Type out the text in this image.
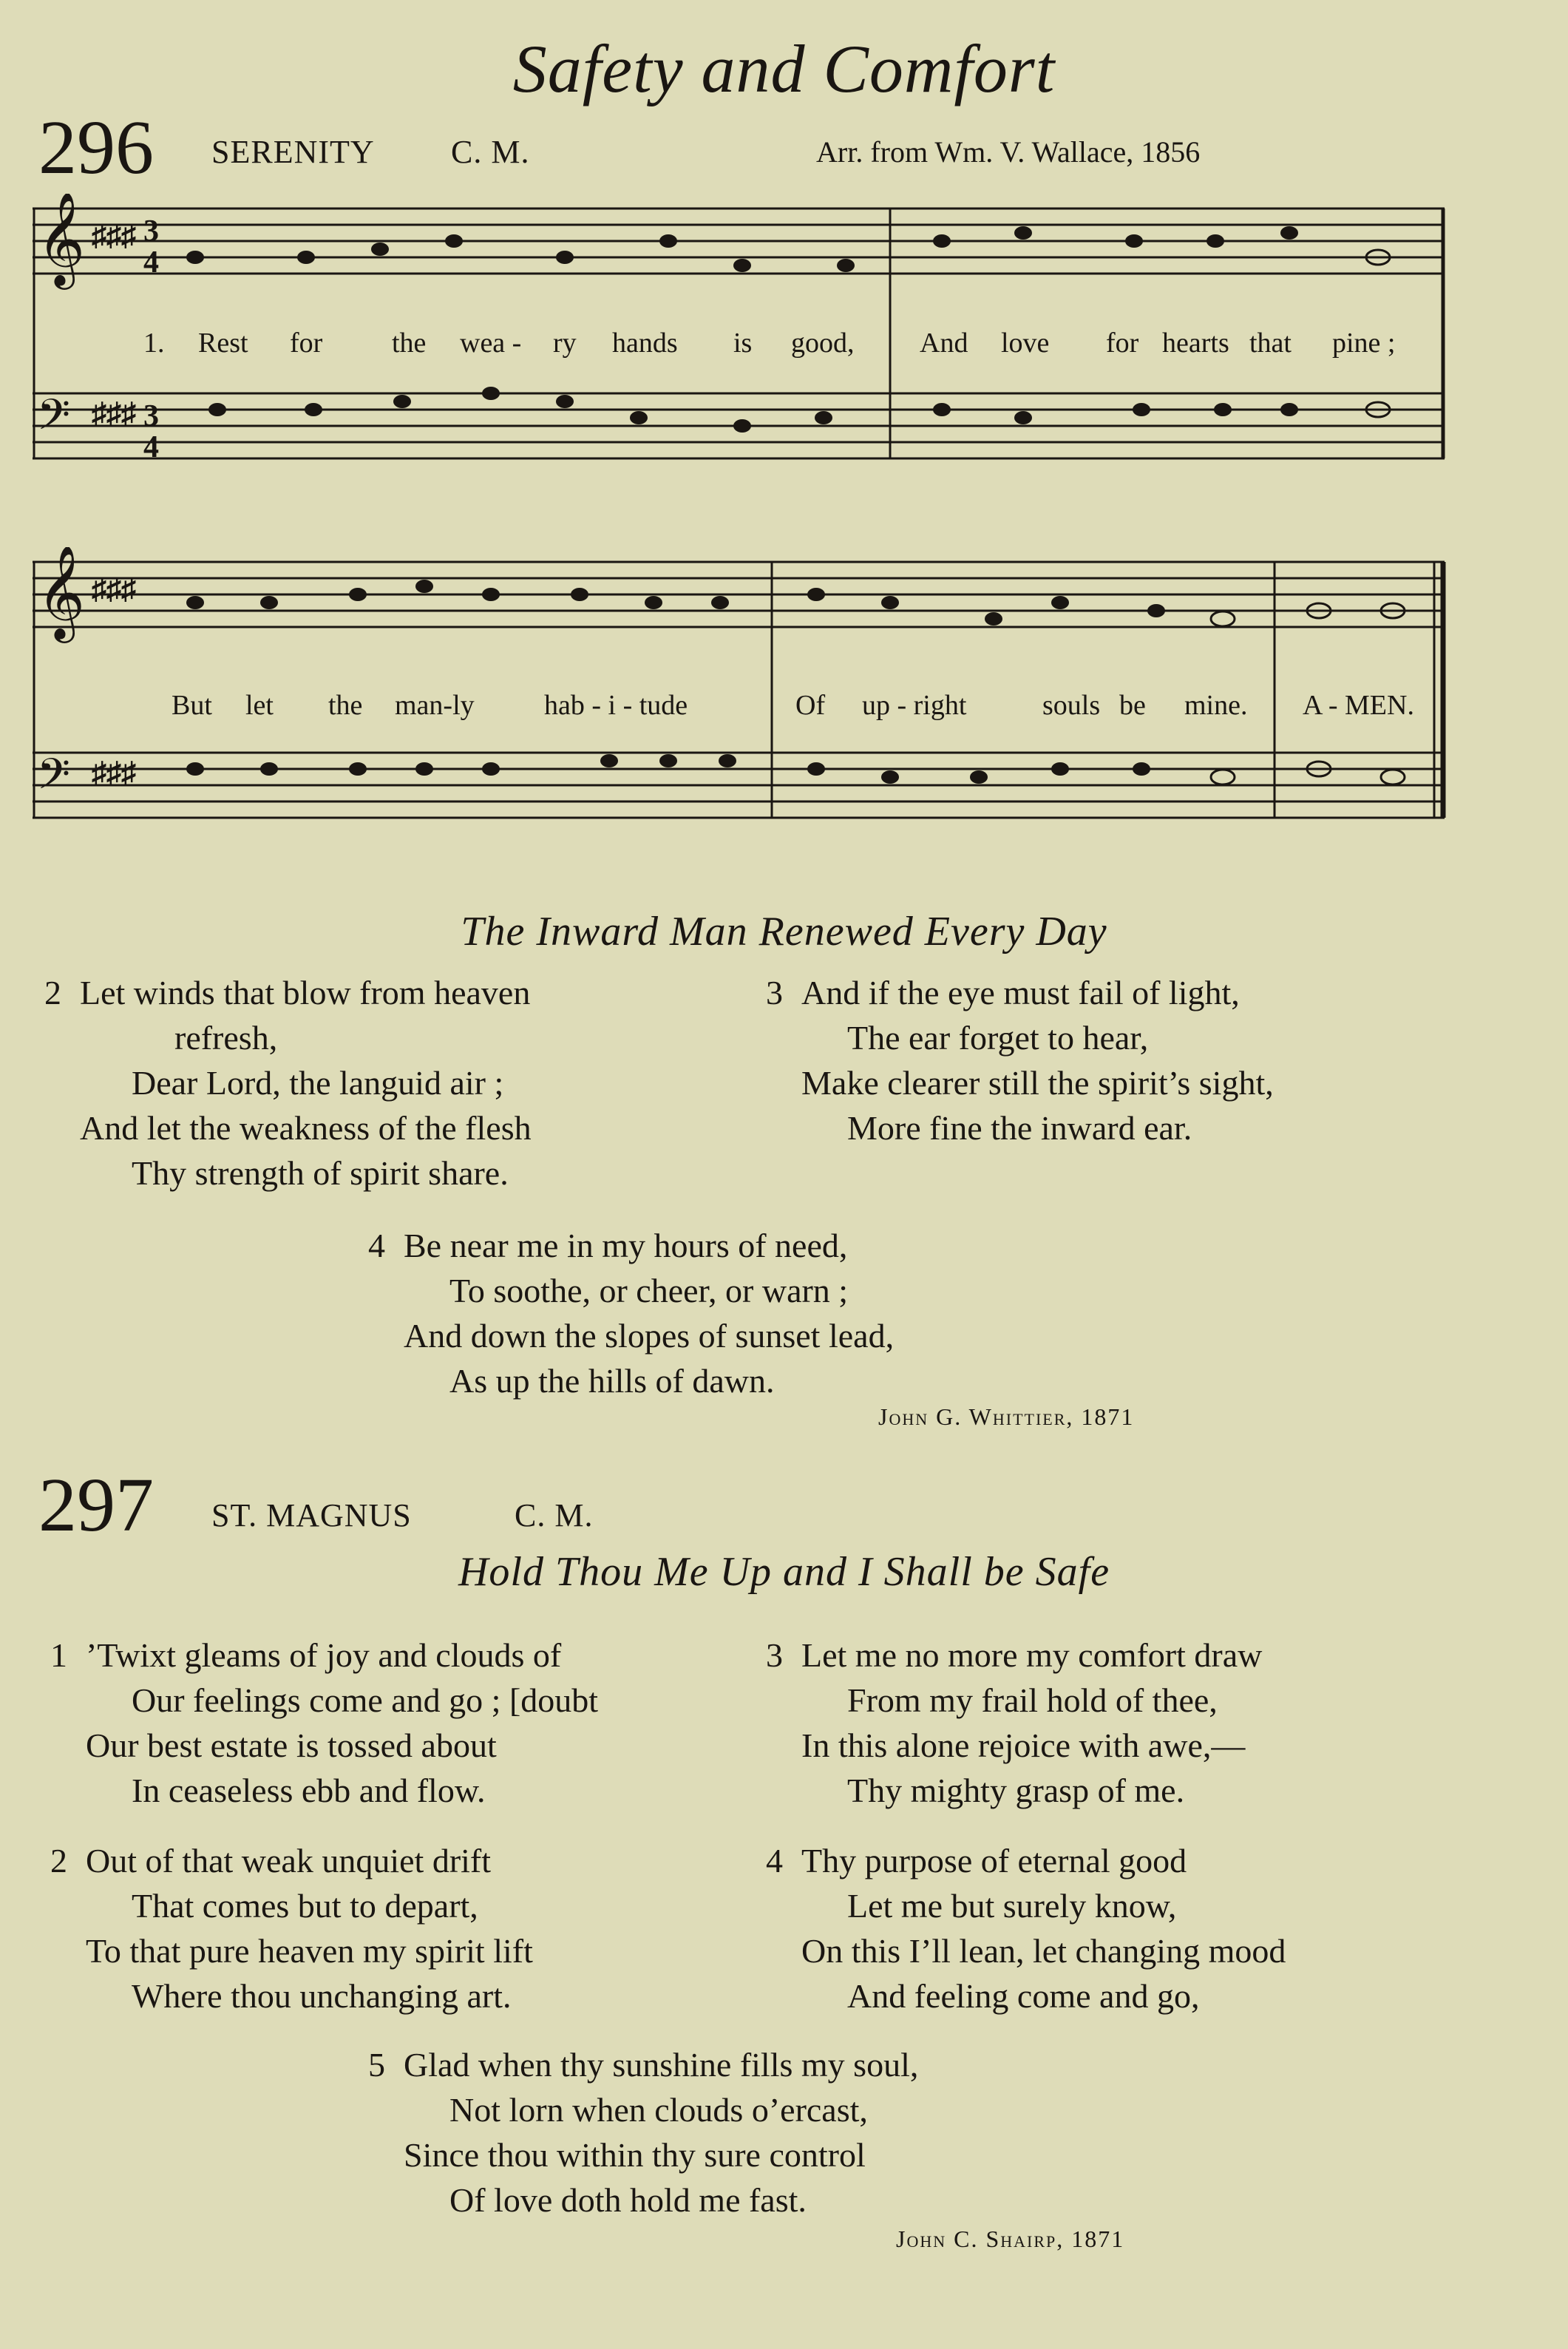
Safety and Comfort
296 SERENITY C. M.	Arr. from Wm. V. Wallace, 1856
𝄞
𝄢
♯♯♯
♯♯♯
3
4
3
4
1. Rest for the wea - ry hands is good, And love for hearts that pine ;
𝄞
𝄢
♯♯♯
♯♯♯
But let the man-ly hab - i - tude	Of up - right	souls be mine. A - MEN.
The Inward Man Renewed Every Day
2 Let winds that blow from heaven
refresh,
Dear Lord, the languid air ;
And let the weakness of the flesh
Thy strength of spirit share.
3 And if the eye must fail of light,
The ear forget to hear,
Make clearer still the spirit’s sight,
More fine the inward ear.
4 Be near me in my hours of need,
To soothe, or cheer, or warn ;
And down the slopes of sunset lead,
As up the hills of dawn.
John G. Whittier, 1871
297 ST. MAGNUS	C. M.
Hold Thou Me Up and I Shall be Safe
1 ’Twixt gleams of joy and clouds of
Our feelings come and go ; [doubt
Our best estate is tossed about
In ceaseless ebb and flow.
3 Let me no more my comfort draw
From my frail hold of thee,
In this alone rejoice with awe,—
Thy mighty grasp of me.
2 Out of that weak unquiet drift
That comes but to depart,
To that pure heaven my spirit lift
Where thou unchanging art.
4 Thy purpose of eternal good
Let me but surely know,
On this I’ll lean, let changing mood
And feeling come and go,
5 Glad when thy sunshine fills my soul,
Not lorn when clouds o’ercast,
Since thou within thy sure control
Of love doth hold me fast.
John C. Shairp, 1871
